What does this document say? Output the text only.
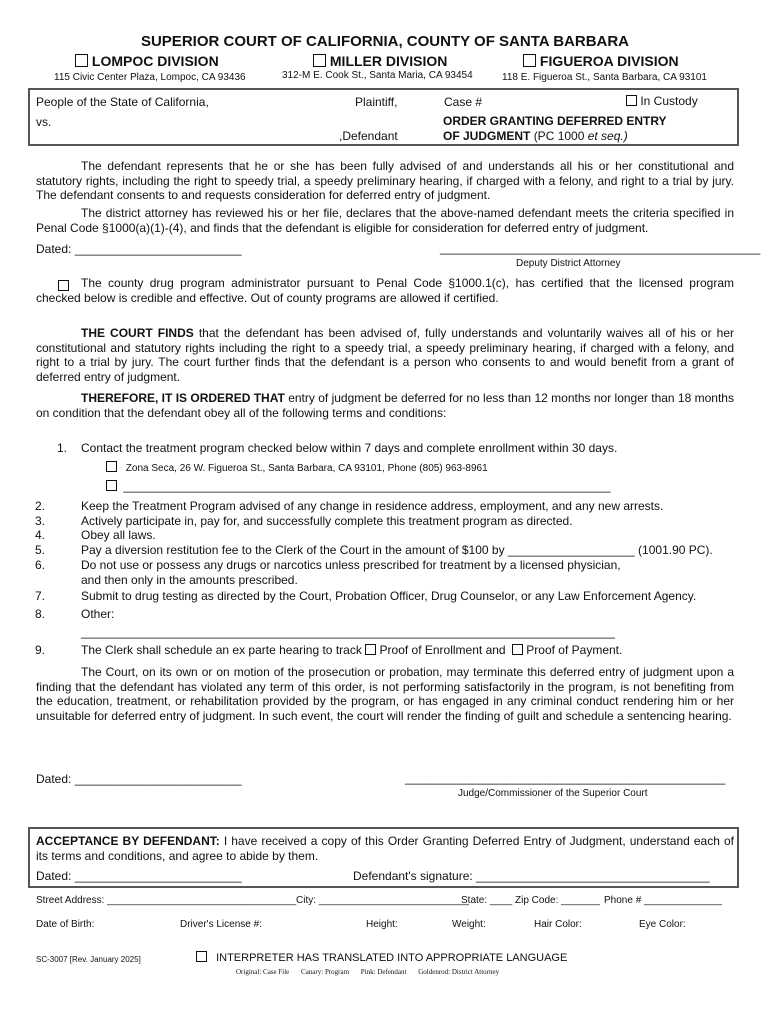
SUPERIOR COURT OF CALIFORNIA, COUNTY OF SANTA BARBARA
LOMPOC DIVISION
115 Civic Center Plaza, Lompoc, CA 93436
MILLER DIVISION
312-M E. Cook St., Santa Maria, CA 93454
FIGUEROA DIVISION
118 E. Figueroa St., Santa Barbara, CA 93101
People of the State of California,	Plaintiff,	Case #	In Custody
vs.	ORDER GRANTING DEFERRED ENTRY
,Defendant	OF JUDGMENT (PC 1000 et seq.)
The defendant represents that he or she has been fully advised of and understands all his or her constitutional and statutory rights, including the right to speedy trial, a speedy preliminary hearing, if charged with a felony, and right to a trial by jury. The defendant consents to and requests consideration for deferred entry of judgment.
The district attorney has reviewed his or her file, declares that the above-named defendant meets the criteria specified in Penal Code §1000(a)(1)-(4), and finds that the defendant is eligible for consideration for deferred entry of judgment.
Dated: _________________________	________________________________________________
Deputy District Attorney
The county drug program administrator pursuant to Penal Code §1000.1(c), has certified that the licensed program checked below is credible and effective. Out of county programs are allowed if certified.
THE COURT FINDS that the defendant has been advised of, fully understands and voluntarily waives all of his or her constitutional and statutory rights including the right to a speedy trial, a speedy preliminary hearing, if charged with a felony, and right to a trial by jury. The court further finds that the defendant is a person who consents to and would benefit from a grant of deferred entry of judgment.
THEREFORE, IT IS ORDERED THAT entry of judgment be deferred for no less than 12 months nor longer than 18 months on condition that the defendant obey all of the following terms and conditions:
1. Contact the treatment program checked below within 7 days and complete enrollment within 30 days.
Zona Seca, 26 W. Figueroa St., Santa Barbara, CA 93101, Phone (805) 963-8961
_________________________________________________________________________
2.	Keep the Treatment Program advised of any change in residence address, employment, and any new arrests.
3.	Actively participate in, pay for, and successfully complete this treatment program as directed.
4.	Obey all laws.
5.	Pay a diversion restitution fee to the Clerk of the Court in the amount of $100 by ___________________ (1001.90 PC).
6.	Do not use or possess any drugs or narcotics unless prescribed for treatment by a licensed physician,
and then only in the amounts prescribed.
7.	Submit to drug testing as directed by the Court, Probation Officer, Drug Counselor, or any Law Enforcement Agency.
8.	Other:
________________________________________________________________________________
9.	The Clerk shall schedule an ex parte hearing to track Proof of Enrollment and Proof of Payment.
The Court, on its own or on motion of the prosecution or probation, may terminate this deferred entry of judgment upon a finding that the defendant has violated any term of this order, is not performing satisfactorily in the program, is not benefiting from the education, treatment, or rehabilitation provided by the program, or has engaged in any criminal conduct rendering him or her unsuitable for deferred entry of judgment. In such event, the court will render the finding of guilt and schedule a sentencing hearing.
Dated: _________________________	________________________________________________
Judge/Commissioner of the Superior Court
ACCEPTANCE BY DEFENDANT: I have received a copy of this Order Granting Deferred Entry of Judgment, understand each of its terms and conditions, and agree to abide by them.
Dated: _________________________	Defendant's signature: ___________________________________
Street Address: __________________________________ City: ___________________________
State: ____ Zip Code: _______ Phone # ______________
Date of Birth:	Driver's License #:	Height:	Weight:	Hair Color:	Eye Color:
SC-3007 [Rev. January 2025]	INTERPRETER HAS TRANSLATED INTO APPROPRIATE LANGUAGE
Original: Case File Canary: Program Pink: Defendant Goldenrod: District Attorney
